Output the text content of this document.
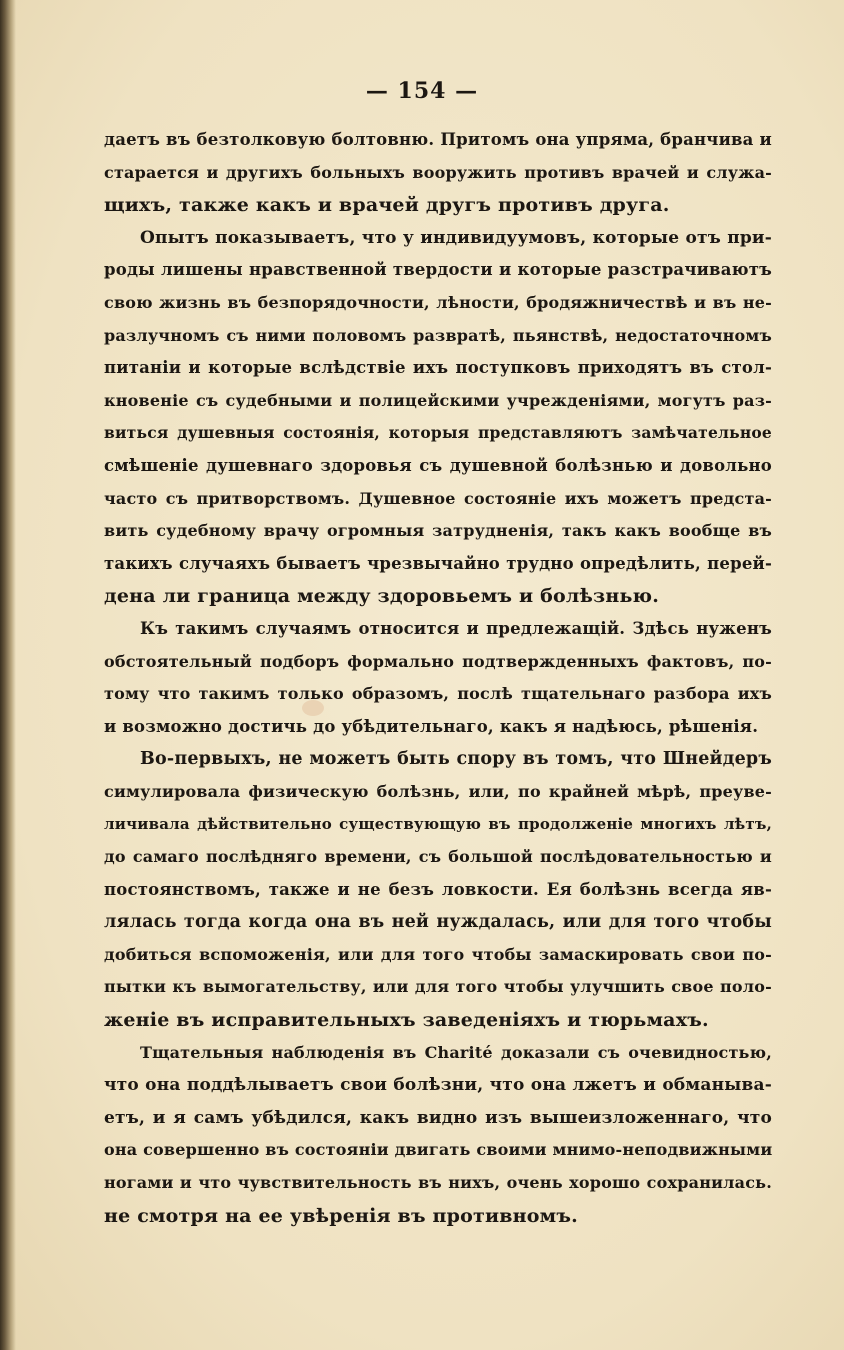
— 154 —
даетъ въ безтолковую болтовню. Притомъ она упряма, бранчива и
старается и другихъ больныхъ вооружить противъ врачей и служа-
щихъ, также какъ и врачей другъ противъ друга.
Опытъ показываетъ, что у индивидуумовъ, которые отъ при-
роды лишены нравственной твердости и которые разстрачиваютъ
свою жизнь въ безпорядочности, лѣности, бродяжничествѣ и въ не-
разлучномъ съ ними половомъ развратѣ, пьянствѣ, недостаточномъ
питанiи и которые вслѣдствiе ихъ поступковъ приходятъ въ стол-
кновенiе съ судебными и полицейскими учрежденiями, могутъ раз-
виться душевныя состоянiя, которыя представляютъ замѣчательное
смѣшенiе душевнаго здоровья съ душевной болѣзнью и довольно
часто съ притворствомъ. Душевное состоянiе ихъ можетъ предста-
вить судебному врачу огромныя затрудненiя, такъ какъ вообще въ
такихъ случаяхъ бываетъ чрезвычайно трудно опредѣлить, перей-
дена ли граница между здоровьемъ и болѣзнью.
Къ такимъ случаямъ относится и предлежащiй. Здѣсь нуженъ
обстоятельный подборъ формально подтвержденныхъ фактовъ, по-
тому что такимъ только образомъ, послѣ тщательнаго разбора ихъ
и возможно достичь до убѣдительнаго, какъ я надѣюсь, рѣшенiя.
Во-первыхъ, не можетъ быть спору въ томъ, что Шнейдеръ
симулировала физическую болѣзнь, или, по крайней мѣрѣ, преуве-
личивала дѣйствительно существующую въ продолженiе многихъ лѣтъ,
до самаго послѣдняго времени, съ большой послѣдовательностью и
постоянствомъ, также и не безъ ловкости. Ея болѣзнь всегда яв-
лялась тогда когда она въ ней нуждалась, или для того чтобы
добиться вспоможенiя, или для того чтобы замаскировать свои по-
пытки къ вымогательству, или для того чтобы улучшить свое поло-
женiе въ исправительныхъ заведенiяхъ и тюрьмахъ.
Тщательныя наблюденiя въ Charité доказали съ очевидностью,
что она поддѣлываетъ свои болѣзни, что она лжетъ и обманыва-
етъ, и я самъ убѣдился, какъ видно изъ вышеизложеннаго, что
она совершенно въ состоянiи двигать своими мнимо-неподвижными
ногами и что чувствительность въ нихъ, очень хорошо сохранилась.
не смотря на ее увѣренiя въ противномъ.
